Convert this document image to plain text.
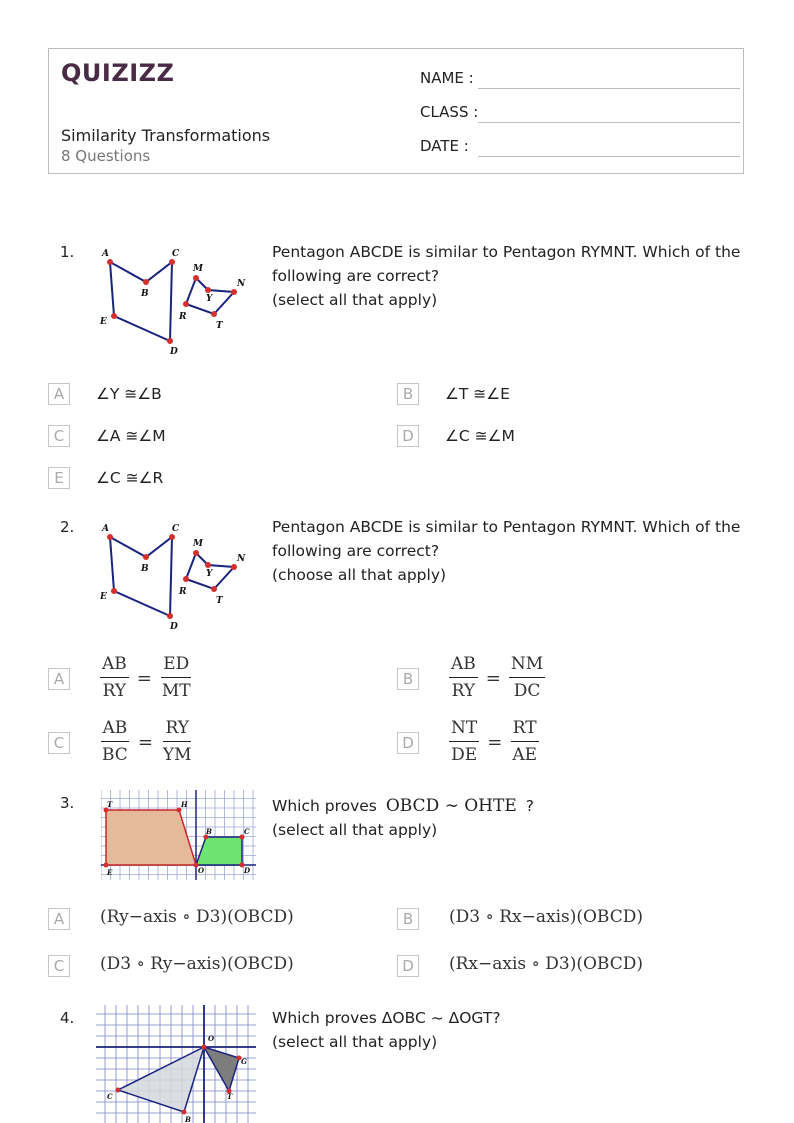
QUIZIZZ
Similarity Transformations
8 Questions
NAME :
CLASS :
DATE :
1.	A
B
C
D
E
M
N
Y
R
T
Pentagon ABCDE is similar to Pentagon RYMNT. Which of the
following are correct?
(select all that apply)
A	∠Y ≅∠B	B	∠T ≅∠E
C	∠A ≅∠M	D	∠C ≅∠M
E	∠C ≅∠R
2.	A
B
C
D
E
M
N
Y
R
T
Pentagon ABCDE is similar to Pentagon RYMNT. Which of the
following are correct?
(choose all that apply)
A	$\frac{AB}{RY} = \frac{ED}{MT}$	B	$\frac{AB}{RY} = \frac{NM}{DC}$
C	$\frac{AB}{BC} = \frac{RY}{YM}$	D	$\frac{NT}{DE} = \frac{RT}{AE}$
3.	T	H
B	C
E	O	D
Which proves OBCD ∼ OHTE ?
(select all that apply)
A	(Ry−axis ∘ D3)(OBCD)	B	(D3 ∘ Rx−axis)(OBCD)
C	(D3 ∘ Ry−axis)(OBCD)	D	(Rx−axis ∘ D3)(OBCD)
4.
O
G
T
C
B
Which proves ΔOBC ~ ΔOGT?
(select all that apply)
